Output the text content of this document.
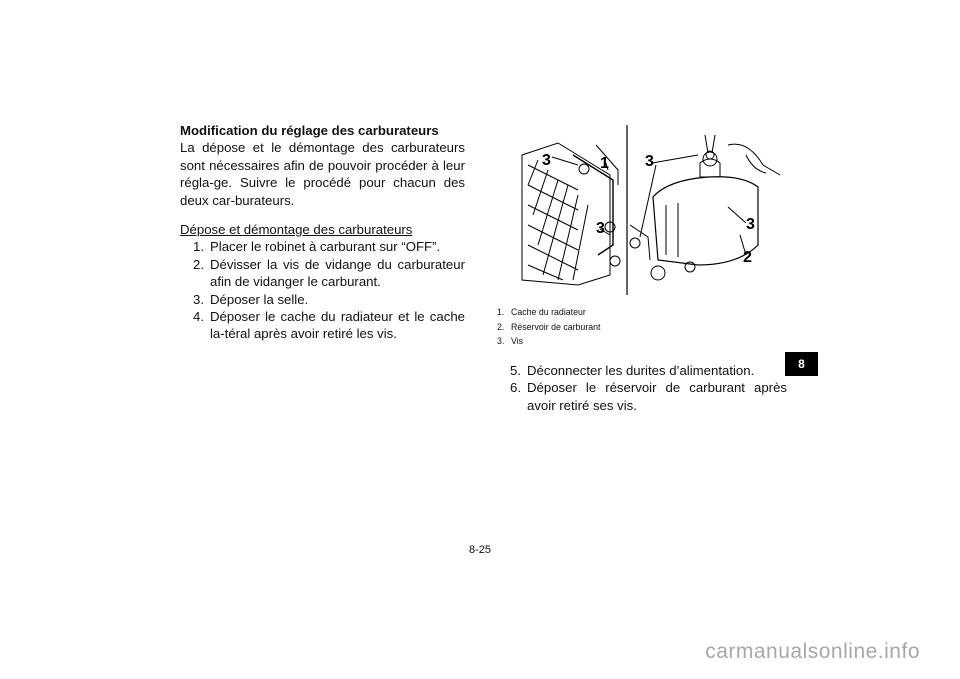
Modification du réglage des carburateurs

La dépose et le démontage des carburateurs sont nécessaires afin de pouvoir procéder à leur régla-ge. Suivre le procédé pour chacun des deux car-burateurs.

Dépose et démontage des carburateurs

1. Placer le robinet à carburant sur “OFF”.
2. Dévisser la vis de vidange du carburateur afin de vidanger le carburant.
3. Déposer la selle.
4. Déposer le cache du radiateur et le cache la-téral après avoir retiré les vis.
3	1
3
3
3
2
1. Cache du radiateur
2. Réservoir de carburant
3. Vis
5. Déconnecter les durites d’alimentation.
6. Déposer le réservoir de carburant après avoir retiré ses vis.
8
8-25
carmanualsonline.info
